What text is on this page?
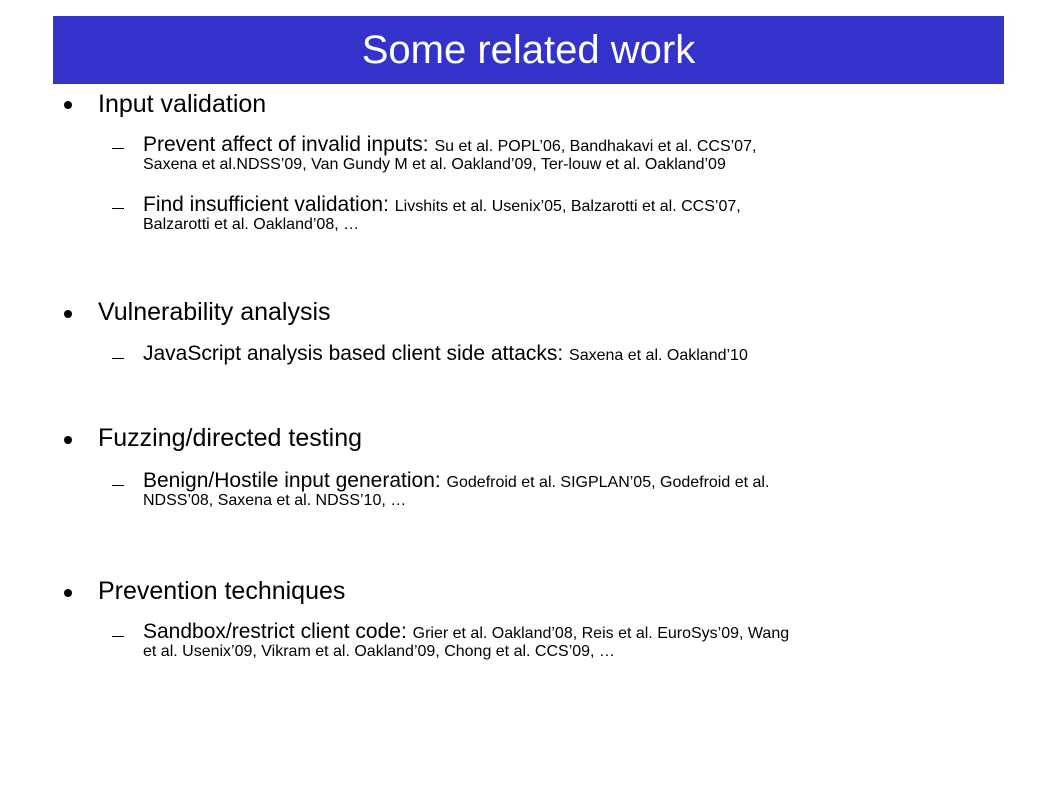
Some related work
Input validation
Prevent affect of invalid inputs: Su et al. POPL’06, Bandhakavi et al. CCS’07,
Saxena et al.NDSS’09, Van Gundy M et al. Oakland’09, Ter-louw et al. Oakland’09
Find insufficient validation: Livshits et al. Usenix’05, Balzarotti et al. CCS’07,
Balzarotti et al. Oakland’08, …
Vulnerability analysis
JavaScript analysis based client side attacks: Saxena et al. Oakland’10
Fuzzing/directed testing
Benign/Hostile input generation: Godefroid et al. SIGPLAN’05, Godefroid et al.
NDSS’08, Saxena et al. NDSS’10, …
Prevention techniques
Sandbox/restrict client code: Grier et al. Oakland’08, Reis et al. EuroSys’09, Wang
et al. Usenix’09, Vikram et al. Oakland’09, Chong et al. CCS’09, …
